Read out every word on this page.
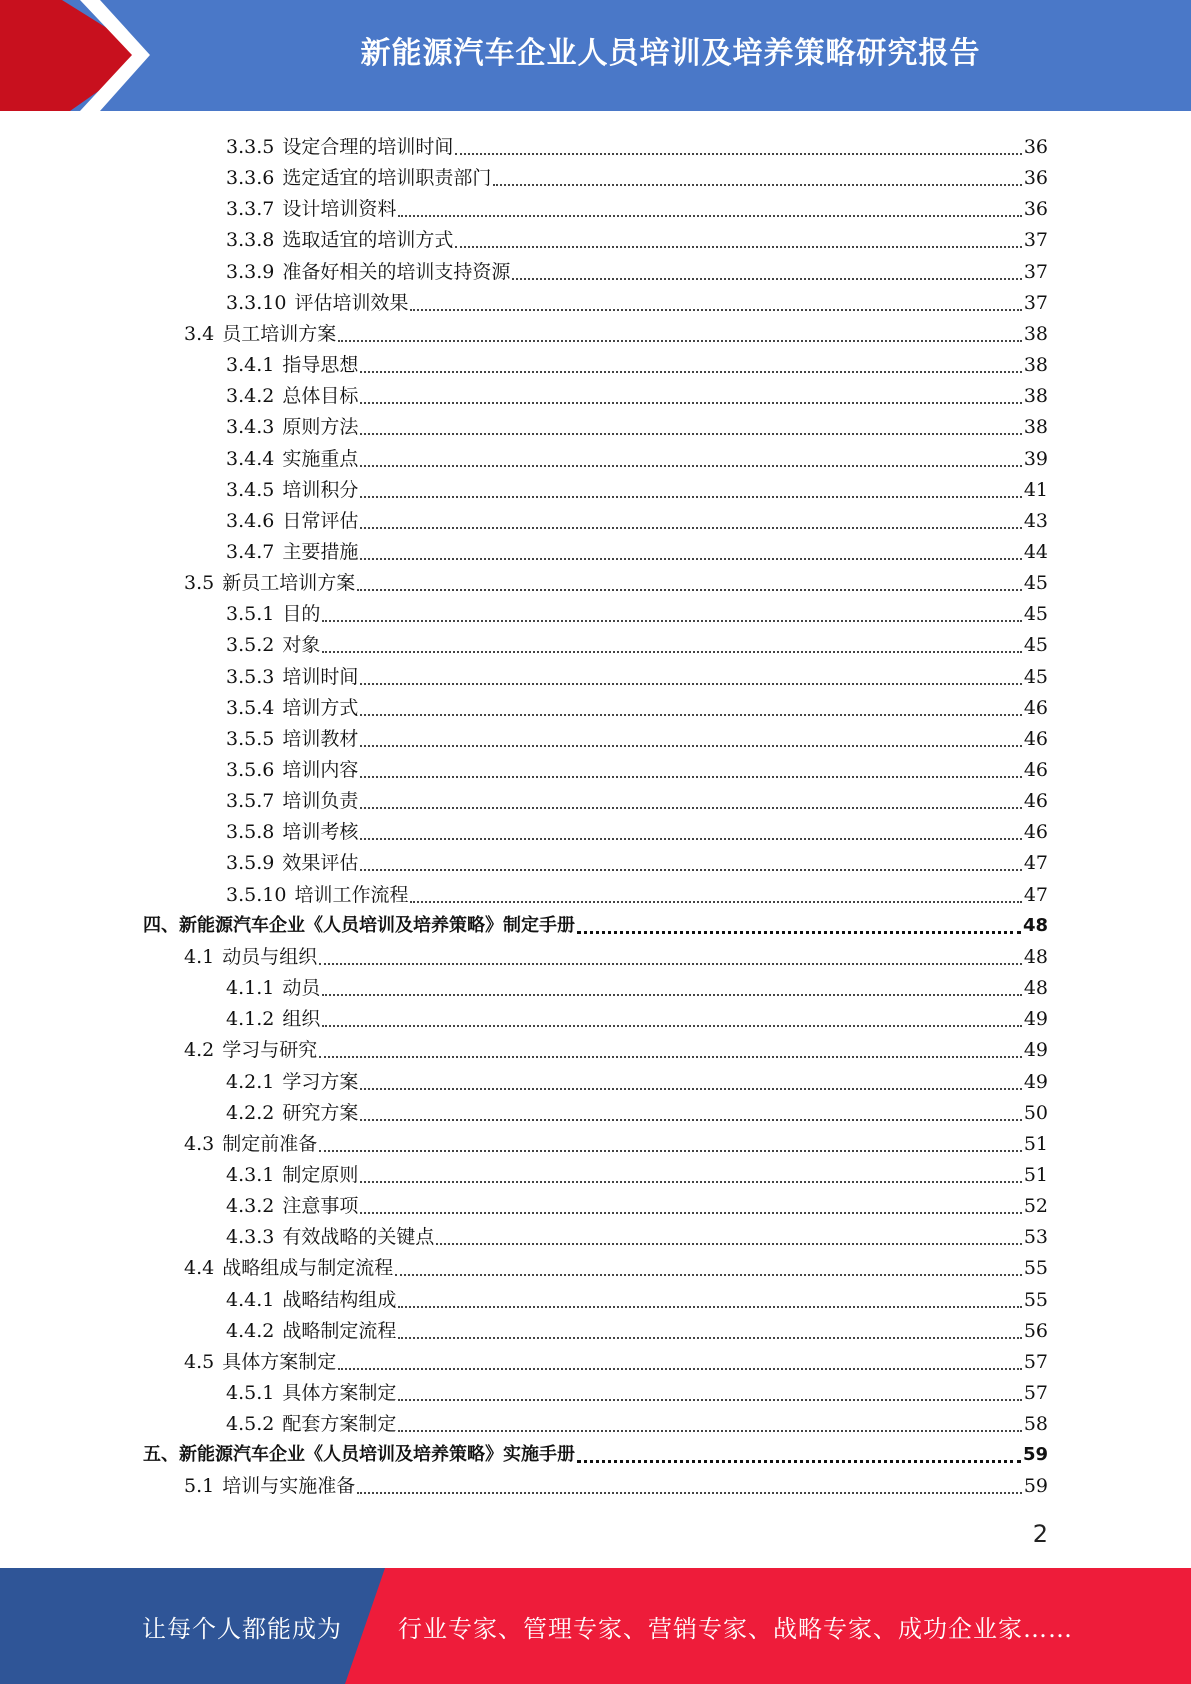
新能源汽车企业人员培训及培养策略研究报告
3.3.5 设定合理的培训时间	36
3.3.6 选定适宜的培训职责部门	36
3.3.7 设计培训资料	36
3.3.8 选取适宜的培训方式	37
3.3.9 准备好相关的培训支持资源	37
3.3.10 评估培训效果	37
3.4 员工培训方案	38
3.4.1 指导思想	38
3.4.2 总体目标	38
3.4.3 原则方法	38
3.4.4 实施重点	39
3.4.5 培训积分	41
3.4.6 日常评估	43
3.4.7 主要措施	44
3.5 新员工培训方案	45
3.5.1 目的	45
3.5.2 对象	45
3.5.3 培训时间	45
3.5.4 培训方式	46
3.5.5 培训教材	46
3.5.6 培训内容	46
3.5.7 培训负责	46
3.5.8 培训考核	46
3.5.9 效果评估	47
3.5.10 培训工作流程	47
四、新能源汽车企业《人员培训及培养策略》制定手册	48
4.1 动员与组织	48
4.1.1 动员	48
4.1.2 组织	49
4.2 学习与研究	49
4.2.1 学习方案	49
4.2.2 研究方案	50
4.3 制定前准备	51
4.3.1 制定原则	51
4.3.2 注意事项	52
4.3.3 有效战略的关键点	53
4.4 战略组成与制定流程	55
4.4.1 战略结构组成	55
4.4.2 战略制定流程	56
4.5 具体方案制定	57
4.5.1 具体方案制定	57
4.5.2 配套方案制定	58
五、新能源汽车企业《人员培训及培养策略》实施手册	59
5.1 培训与实施准备	59
2
让每个人都能成为 行业专家、管理专家、营销专家、战略专家、成功企业家……
